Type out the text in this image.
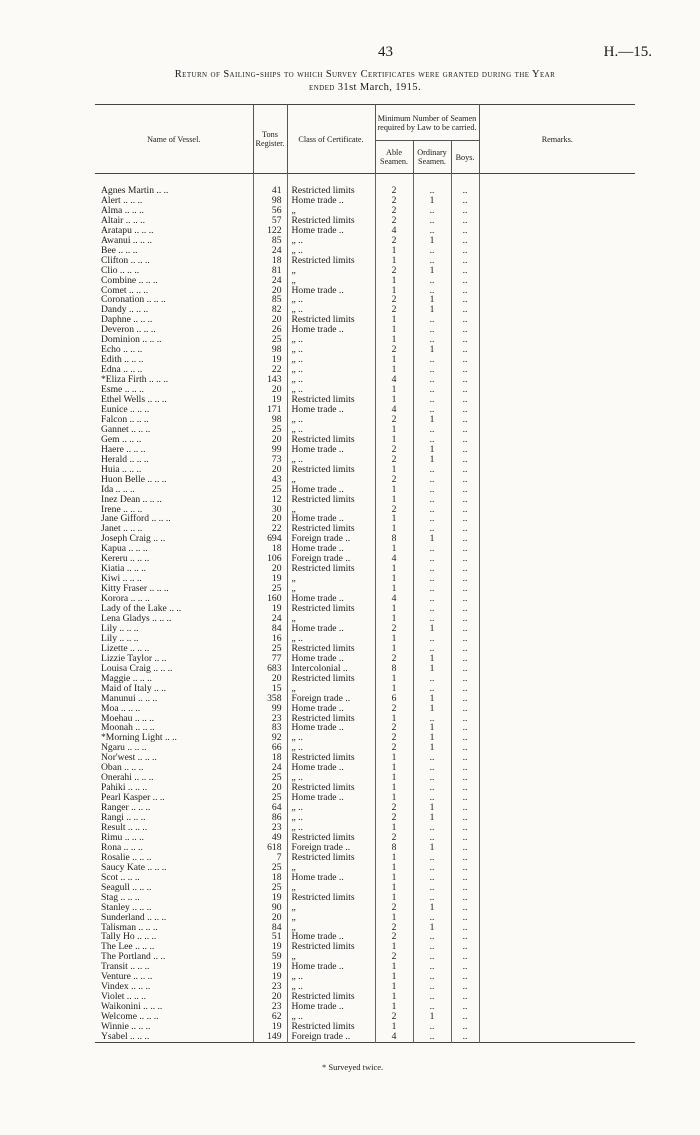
43	H.—15.
Return of Sailing-ships to which Survey Certificates were granted during the Year
ended 31st March, 1915.
Name of Vessel.	Tons Register.	Class of Certificate.	Minimum Number of Seamen required by Law to be carried.			Remarks.
			Able Seamen.	Ordinary Seamen.	Boys.	

Agnes Martin .. ..	41	Restricted limits	2	..	..	
Alert .. .. ..	98	Home trade ..	2	1	..	
Alma .. .. ..	56	„	2	..	..	
Altair .. .. ..	57	Restricted limits	2	..	..	
Aratapu .. .. ..	122	Home trade ..	4	..	..	
Awanui .. .. ..	85	„ ..	2	1	..	
Bee .. .. ..	24	„ ..	1	..	..	
Clifton .. .. ..	18	Restricted limits	1	..	..	
Clio .. .. ..	81	„	2	1	..	
Combine .. .. ..	24	„	1	..	..	
Comet .. .. ..	20	Home trade ..	1	..	..	
Coronation .. .. ..	85	„ ..	2	1	..	
Dandy .. .. ..	82	„ ..	2	1	..	
Daphne .. .. ..	20	Restricted limits	1	..	..	
Deveron .. .. ..	26	Home trade ..	1	..	..	
Dominion .. .. ..	25	„ ..	1	..	..	
Echo .. .. ..	98	„ ..	2	1	..	
Edith .. .. ..	19	„ ..	1	..	..	
Edna .. .. ..	22	„ ..	1	..	..	
*Eliza Firth .. .. ..	143	„ ..	4	..	..	
Esme .. .. ..	20	„ ..	1	..	..	
Ethel Wells .. .. ..	19	Restricted limits	1	..	..	
Eunice .. .. ..	171	Home trade ..	4	..	..	
Falcon .. .. ..	98	„ ..	2	1	..	
Gannet .. .. ..	25	„ ..	1	..	..	
Gem .. .. ..	20	Restricted limits	1	..	..	
Haere .. .. ..	99	Home trade ..	2	1	..	
Herald .. .. ..	73	„ ..	2	1	..	
Huia .. .. ..	20	Restricted limits	1	..	..	
Huon Belle .. .. ..	43	„	2	..	..	
Ida .. .. ..	25	Home trade ..	1	..	..	
Inez Dean .. .. ..	12	Restricted limits	1	..	..	
Irene .. .. ..	30	„	2	..	..	
Jane Gifford .. .. ..	20	Home trade ..	1	..	..	
Janet .. .. ..	22	Restricted limits	1	..	..	
Joseph Craig .. ..	694	Foreign trade ..	8	1	..	
Kapua .. .. ..	18	Home trade ..	1	..	..	
Kereru .. .. ..	106	Foreign trade ..	4	..	..	
Kiatia .. .. ..	20	Restricted limits	1	..	..	
Kiwi .. .. ..	19	„	1	..	..	
Kitty Fraser .. .. ..	25	„	1	..	..	
Korora .. .. ..	160	Home trade ..	4	..	..	
Lady of the Lake .. ..	19	Restricted limits	1	..	..	
Lena Gladys .. .. ..	24	„	1	..	..	
Lily .. .. ..	84	Home trade ..	2	1	..	
Lily .. .. ..	16	„ ..	1	..	..	
Lizette .. .. ..	25	Restricted limits	1	..	..	
Lizzie Taylor .. ..	77	Home trade ..	2	1	..	
Louisa Craig .. .. ..	683	Intercolonial ..	8	1	..	
Maggie .. .. ..	20	Restricted limits	1	..	..	
Maid of Italy .. ..	15	„	1	..	..	
Manunui .. .. ..	358	Foreign trade ..	6	1	..	
Moa .. .. ..	99	Home trade ..	2	1	..	
Moehau .. .. ..	23	Restricted limits	1	..	..	
Moonah .. .. ..	83	Home trade ..	2	1	..	
*Morning Light .. ..	92	„ ..	2	1	..	
Ngaru .. .. ..	66	„ ..	2	1	..	
Nor'west .. .. ..	18	Restricted limits	1	..	..	
Oban .. .. ..	24	Home trade ..	1	..	..	
Onerahi .. .. ..	25	„ ..	1	..	..	
Pahiki .. .. ..	20	Restricted limits	1	..	..	
Pearl Kasper .. ..	25	Home trade ..	1	..	..	
Ranger .. .. ..	64	„ ..	2	1	..	
Rangi .. .. ..	86	„ ..	2	1	..	
Result .. .. ..	23	„ ..	1	..	..	
Rimu .. .. ..	49	Restricted limits	2	..	..	
Rona .. .. ..	618	Foreign trade ..	8	1	..	
Rosalie .. .. ..	7	Restricted limits	1	..	..	
Saucy Kate .. .. ..	25	„	1	..	..	
Scot .. .. ..	18	Home trade ..	1	..	..	
Seagull .. .. ..	25	„	1	..	..	
Stag .. .. ..	19	Restricted limits	1	..	..	
Stanley .. .. ..	90	„	2	1	..	
Sunderland .. .. ..	20	„	1	..	..	
Talisman .. .. ..	84	„	2	1	..	
Tally Ho .. .. ..	51	Home trade ..	2	..	..	
The Lee .. .. ..	19	Restricted limits	1	..	..	
The Portland .. ..	59	„	2	..	..	
Transit .. .. ..	19	Home trade ..	1	..	..	
Venture .. .. ..	19	„ ..	1	..	..	
Vindex .. .. ..	23	„ ..	1	..	..	
Violet .. .. ..	20	Restricted limits	1	..	..	
Waikonini .. .. ..	23	Home trade ..	1	..	..	
Welcome .. .. ..	62	„ ..	2	1	..	
Winnie .. .. ..	19	Restricted limits	1	..	..	
Ysabel .. .. ..	149	Foreign trade ..	4	..	..	
* Surveyed twice.
